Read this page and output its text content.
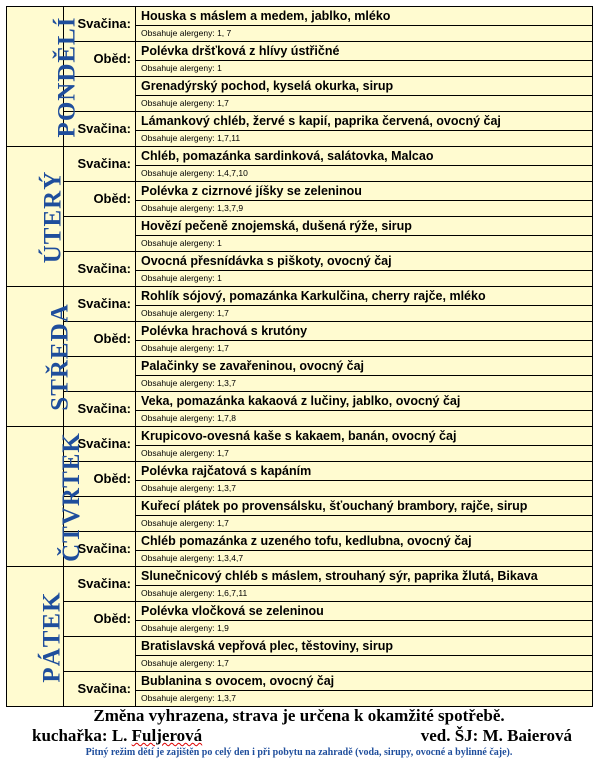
PONDĚLÍ	Svačina:	Houska s máslem a medem, jablko, mléko
Obsahuje alergeny: 1, 7

	Oběd:	Polévka dršťková z hlívy ústřičné
Obsahuje alergeny: 1

		Grenadýrský pochod, kyselá okurka, sirup
Obsahuje alergeny: 1,7

	Svačina:	Lámankový chléb, žervé s kapií, paprika červená, ovocný čaj
Obsahuje alergeny: 1,7,11

ÚTERÝ	Svačina:	Chléb, pomazánka sardinková, salátovka, Malcao
Obsahuje alergeny: 1,4,7,10

	Oběd:	Polévka z cizrnové jíšky se zeleninou
Obsahuje alergeny: 1,3,7,9

		Hovězí pečeně znojemská, dušená rýže, sirup
Obsahuje alergeny: 1

	Svačina:	Ovocná přesnídávka s piškoty, ovocný čaj
Obsahuje alergeny: 1

STŘEDA	Svačina:	Rohlík sójový, pomazánka Karkulčina, cherry rajče, mléko
Obsahuje alergeny: 1,7

	Oběd:	Polévka hrachová s krutóny
Obsahuje alergeny: 1,7

		Palačinky se zavařeninou, ovocný čaj
Obsahuje alergeny: 1,3,7

	Svačina:	Veka, pomazánka kakaová z lučiny, jablko, ovocný čaj
Obsahuje alergeny: 1,7,8

ČTVRTEK	Svačina:	Krupicovo-ovesná kaše s kakaem, banán, ovocný čaj
Obsahuje alergeny: 1,7

	Oběd:	Polévka rajčatová s kapáním
Obsahuje alergeny: 1,3,7

		Kuřecí plátek po provensálsku, šťouchaný brambory, rajče, sirup
Obsahuje alergeny: 1,7

	Svačina:	Chléb pomazánka z uzeného tofu, kedlubna, ovocný čaj
Obsahuje alergeny: 1,3,4,7

PÁTEK	Svačina:	Slunečnicový chléb s máslem, strouhaný sýr, paprika žlutá, Bikava
Obsahuje alergeny: 1,6,7,11

	Oběd:	Polévka vločková se zeleninou
Obsahuje alergeny: 1,9

		Bratislavská vepřová plec, těstoviny, sirup
Obsahuje alergeny: 1,7

	Svačina:	Bublanina s ovocem, ovocný čaj
Obsahuje alergeny: 1,3,7
Změna vyhrazena, strava je určena k okamžité spotřebě.
kuchařka: L. Fuljerová	ved. ŠJ: M. Baierová
Pitný režim dětí je zajištěn po celý den i při pobytu na zahradě (voda, sirupy, ovocné a bylinné čaje).
